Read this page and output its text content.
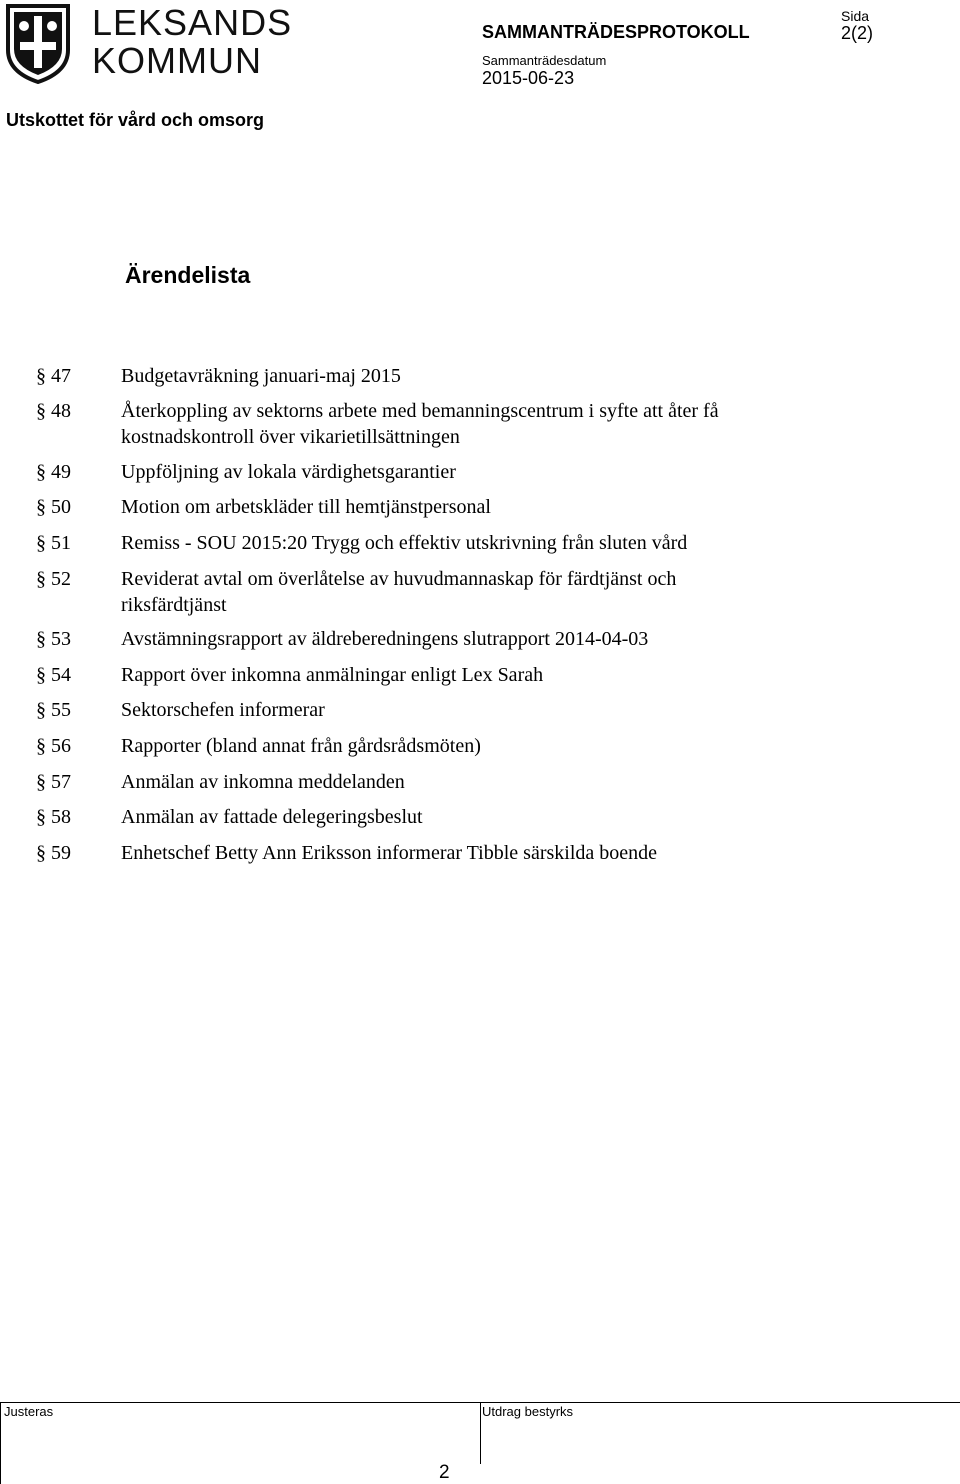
LEKSANDS
KOMMUN
SAMMANTRÄDESPROTOKOLL
Sammanträdesdatum
2015-06-23
Sida
2(2)
Utskottet för vård och omsorg
Ärendelista
§ 47	Budgetavräkning januari-maj 2015
§ 48	Återkoppling av sektorns arbete med bemanningscentrum i syfte att åter få kostnadskontroll över vikarietillsättningen
§ 49	Uppföljning av lokala värdighetsgarantier
§ 50	Motion om arbetskläder till hemtjänstpersonal
§ 51	Remiss - SOU 2015:20 Trygg och effektiv utskrivning från sluten vård
§ 52	Reviderat avtal om överlåtelse av huvudmannaskap för färdtjänst och riksfärdtjänst
§ 53	Avstämningsrapport av äldreberedningens slutrapport 2014-04-03
§ 54	Rapport över inkomna anmälningar enligt Lex Sarah
§ 55	Sektorschefen informerar
§ 56	Rapporter (bland annat från gårdsrådsmöten)
§ 57	Anmälan av inkomna meddelanden
§ 58	Anmälan av fattade delegeringsbeslut
§ 59	Enhetschef Betty Ann Eriksson informerar Tibble särskilda boende
Justeras	Utdrag bestyrks
2
